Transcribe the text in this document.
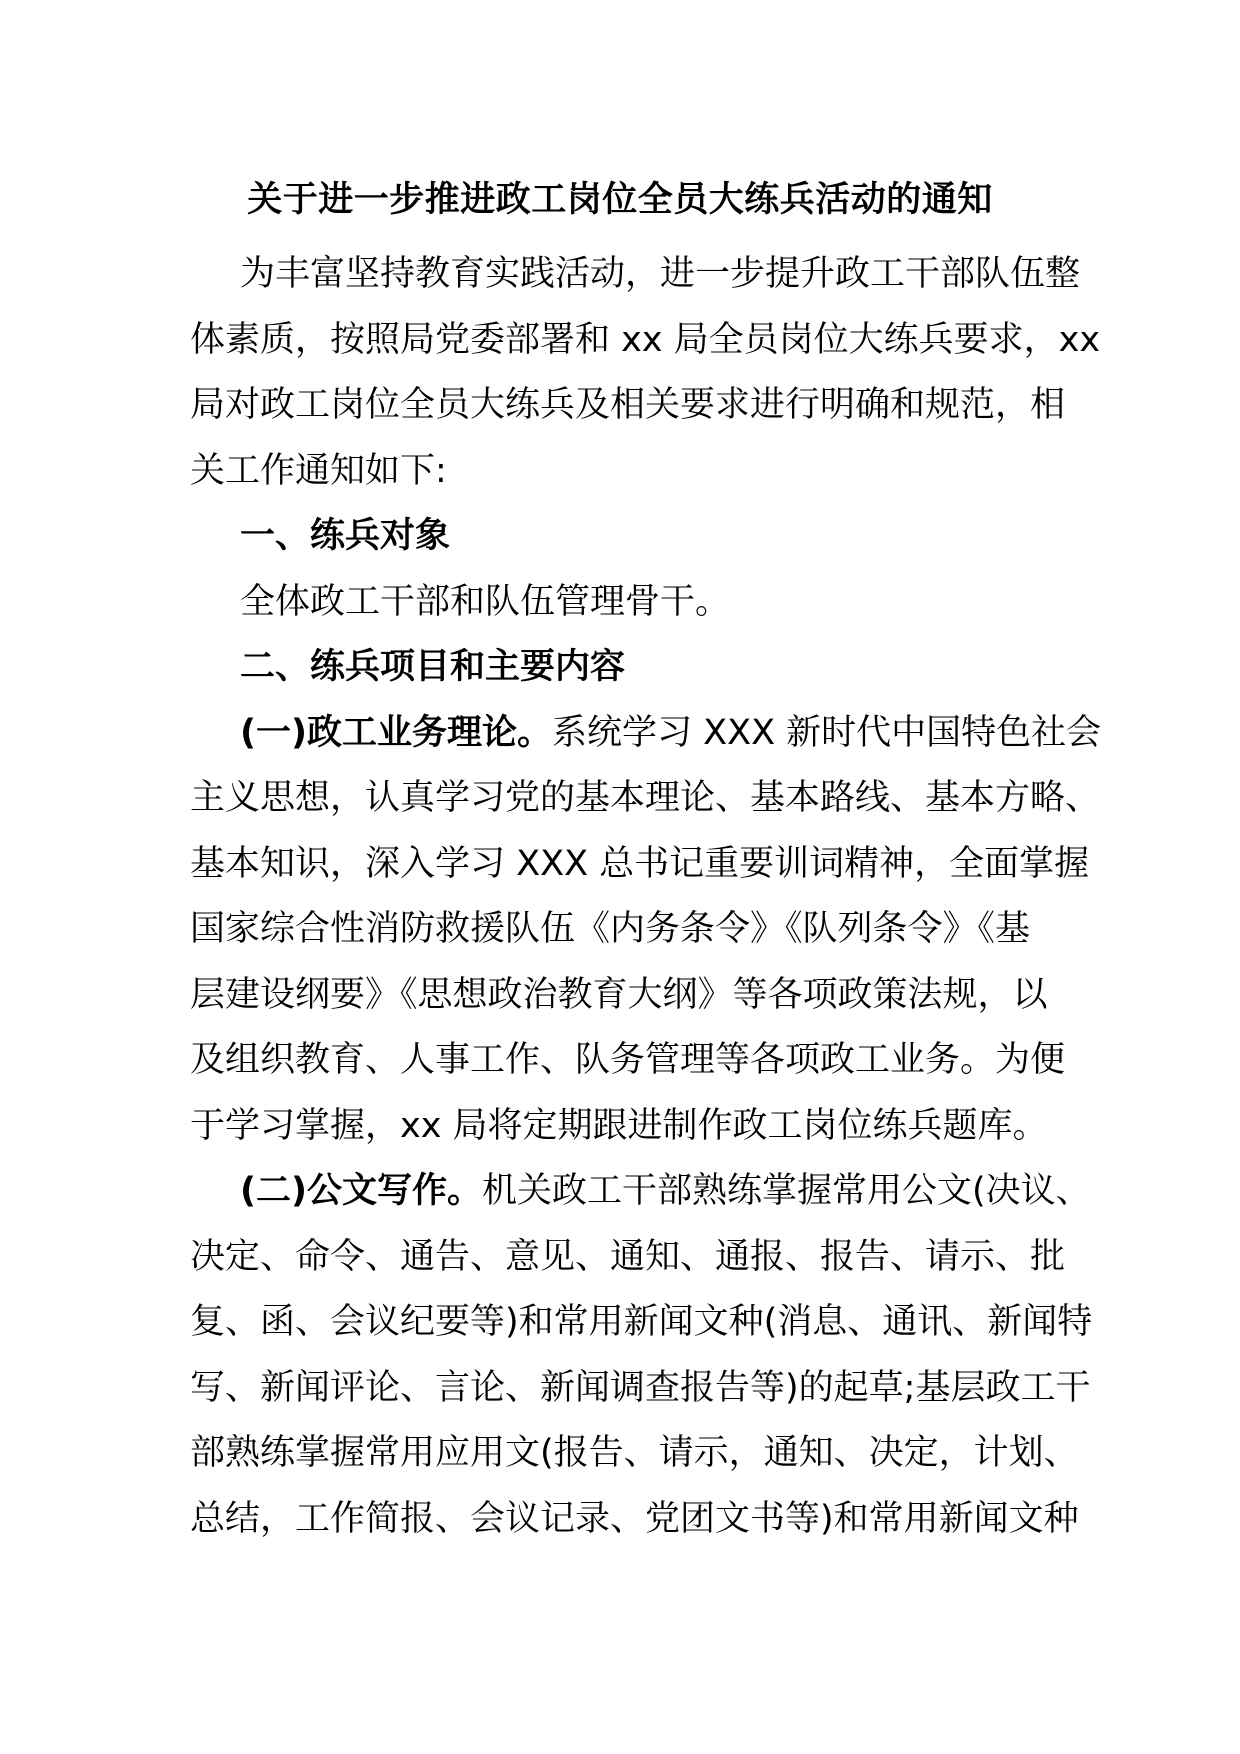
关于进一步推进政工岗位全员大练兵活动的通知
为丰富坚持教育实践活动，进一步提升政工干部队伍整
体素质，按照局党委部署和 xx 局全员岗位大练兵要求，xx
局对政工岗位全员大练兵及相关要求进行明确和规范，相
关工作通知如下:
一、练兵对象
全体政工干部和队伍管理骨干。
二、练兵项目和主要内容
(一)政工业务理论。系统学习 XXX 新时代中国特色社会
主义思想，认真学习党的基本理论、基本路线、基本方略、
基本知识，深入学习 XXX 总书记重要训词精神，全面掌握
国家综合性消防救援队伍《内务条令》《队列条令》《基
层建设纲要》《思想政治教育大纲》等各项政策法规，以
及组织教育、人事工作、队务管理等各项政工业务。为便
于学习掌握，xx 局将定期跟进制作政工岗位练兵题库。
(二)公文写作。机关政工干部熟练掌握常用公文(决议、
决定、命令、通告、意见、通知、通报、报告、请示、批
复、函、会议纪要等)和常用新闻文种(消息、通讯、新闻特
写、新闻评论、言论、新闻调查报告等)的起草;基层政工干
部熟练掌握常用应用文(报告、请示，通知、决定，计划、
总结，工作简报、会议记录、党团文书等)和常用新闻文种
